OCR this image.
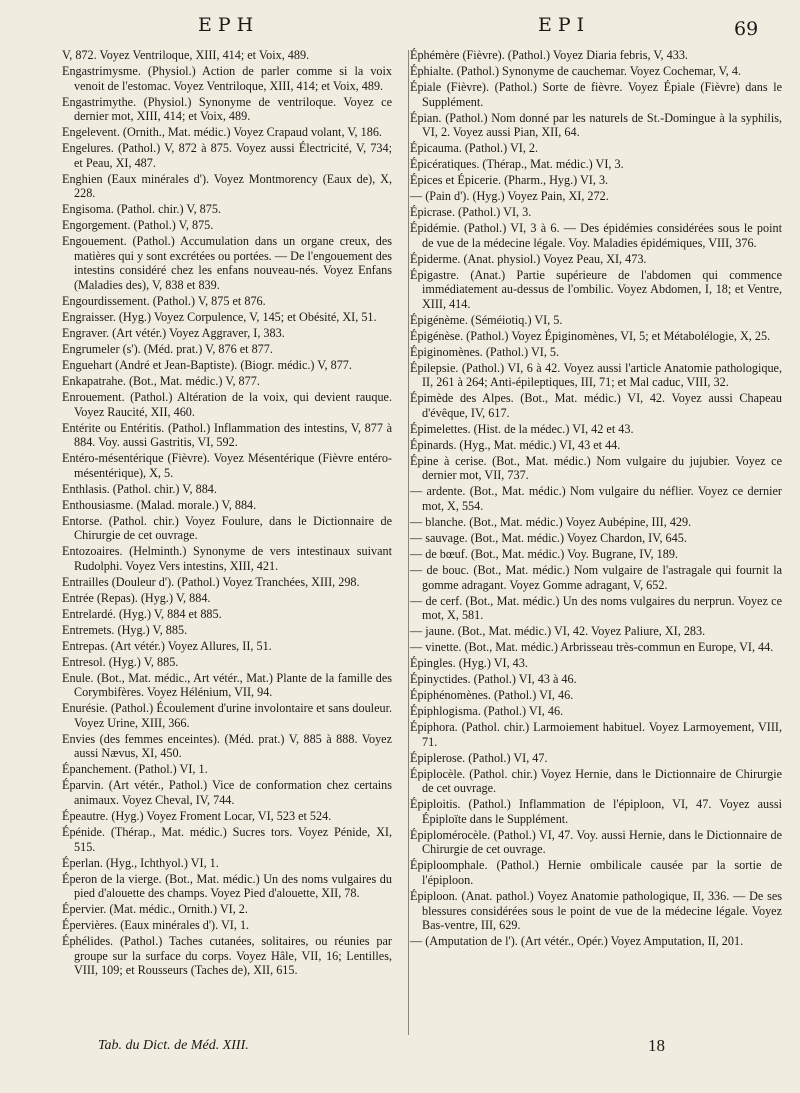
EPH	EPI	69

V, 872. Voyez Ventriloque, XIII, 414; et Voix, 489.

Engastrimysme. (Physiol.) Action de parler comme si la voix venoit de l'estomac. Voyez Ventriloque, XIII, 414; et Voix, 489.

Engastrimythe. (Physiol.) Synonyme de ventriloque. Voyez ce dernier mot, XIII, 414; et Voix, 489.

Engelevent. (Ornith., Mat. médic.) Voyez Crapaud volant, V, 186.

Engelures. (Pathol.) V, 872 à 875. Voyez aussi Électricité, V, 734; et Peau, XI, 487.

Enghien (Eaux minérales d'). Voyez Montmorency (Eaux de), X, 228.

Engisoma. (Pathol. chir.) V, 875.

Engorgement. (Pathol.) V, 875.

Engouement. (Pathol.) Accumulation dans un organe creux, des matières qui y sont excrétées ou portées. — De l'engouement des intestins considéré chez les enfans nouveau-nés. Voyez Enfans (Maladies des), V, 838 et 839.

Engourdissement. (Pathol.) V, 875 et 876.

Engraisser. (Hyg.) Voyez Corpulence, V, 145; et Obésité, XI, 51.

Engraver. (Art vétér.) Voyez Aggraver, I, 383.

Engrumeler (s'). (Méd. prat.) V, 876 et 877.

Enguehart (André et Jean-Baptiste). (Biogr. médic.) V, 877.

Enkapatrahe. (Bot., Mat. médic.) V, 877.

Enrouement. (Pathol.) Altération de la voix, qui devient rauque. Voyez Raucité, XII, 460.

Entérite ou Entéritis. (Pathol.) Inflammation des intestins, V, 877 à 884. Voy. aussi Gastritis, VI, 592.

Entéro-mésentérique (Fièvre). Voyez Mésentérique (Fièvre entéro-mésentérique), X, 5.

Enthlasis. (Pathol. chir.) V, 884.

Enthousiasme. (Malad. morale.) V, 884.

Entorse. (Pathol. chir.) Voyez Foulure, dans le Dictionnaire de Chirurgie de cet ouvrage.

Entozoaires. (Helminth.) Synonyme de vers intestinaux suivant Rudolphi. Voyez Vers intestins, XIII, 421.

Entrailles (Douleur d'). (Pathol.) Voyez Tranchées, XIII, 298.

Entrée (Repas). (Hyg.) V, 884.

Entrelardé. (Hyg.) V, 884 et 885.

Entremets. (Hyg.) V, 885.

Entrepas. (Art vétér.) Voyez Allures, II, 51.

Entresol. (Hyg.) V, 885.

Enule. (Bot., Mat. médic., Art vétér., Mat.) Plante de la famille des Corymbifères. Voyez Hélénium, VII, 94.

Enurésie. (Pathol.) Écoulement d'urine involontaire et sans douleur. Voyez Urine, XIII, 366.

Envies (des femmes enceintes). (Méd. prat.) V, 885 à 888. Voyez aussi Nævus, XI, 450.

Épanchement. (Pathol.) VI, 1.

Éparvin. (Art vétér., Pathol.) Vice de conformation chez certains animaux. Voyez Cheval, IV, 744.

Épeautre. (Hyg.) Voyez Froment Locar, VI, 523 et 524.

Épénide. (Thérap., Mat. médic.) Sucres tors. Voyez Pénide, XI, 515.

Éperlan. (Hyg., Ichthyol.) VI, 1.

Éperon de la vierge. (Bot., Mat. médic.) Un des noms vulgaires du pied d'alouette des champs. Voyez Pied d'alouette, XII, 78.

Épervier. (Mat. médic., Ornith.) VI, 2.

Épervières. (Eaux minérales d'). VI, 1.

Éphélides. (Pathol.) Taches cutanées, solitaires, ou réunies par groupe sur la surface du corps. Voyez Hâle, VII, 16; Lentilles, VIII, 109; et Rousseurs (Taches de), XII, 615.

Éphémère (Fièvre). (Pathol.) Voyez Diaria febris, V, 433.

Éphialte. (Pathol.) Synonyme de cauchemar. Voyez Cochemar, V, 4.

Épiale (Fièvre). (Pathol.) Sorte de fièvre. Voyez Épiale (Fièvre) dans le Supplément.

Épian. (Pathol.) Nom donné par les naturels de St.-Domingue à la syphilis, VI, 2. Voyez aussi Pian, XII, 64.

Épicauma. (Pathol.) VI, 2.

Épicératiques. (Thérap., Mat. médic.) VI, 3.

Épices et Épicerie. (Pharm., Hyg.) VI, 3.

— (Pain d'). (Hyg.) Voyez Pain, XI, 272.

Épicrase. (Pathol.) VI, 3.

Épidémie. (Pathol.) VI, 3 à 6. — Des épidémies considérées sous le point de vue de la médecine légale. Voy. Maladies épidémiques, VIII, 376.

Épiderme. (Anat. physiol.) Voyez Peau, XI, 473.

Épigastre. (Anat.) Partie supérieure de l'abdomen qui commence immédiatement au-dessus de l'ombilic. Voyez Abdomen, I, 18; et Ventre, XIII, 414.

Épigénème. (Séméiotiq.) VI, 5.

Épigénèse. (Pathol.) Voyez Épiginomènes, VI, 5; et Métabolélogie, X, 25.

Épiginomènes. (Pathol.) VI, 5.

Épilepsie. (Pathol.) VI, 6 à 42. Voyez aussi l'article Anatomie pathologique, II, 261 à 264; Anti-épileptiques, III, 71; et Mal caduc, VIII, 32.

Épimède des Alpes. (Bot., Mat. médic.) VI, 42. Voyez aussi Chapeau d'évêque, IV, 617.

Épimelettes. (Hist. de la médec.) VI, 42 et 43.

Épinards. (Hyg., Mat. médic.) VI, 43 et 44.

Épine à cerise. (Bot., Mat. médic.) Nom vulgaire du jujubier. Voyez ce dernier mot, VII, 737.

— ardente. (Bot., Mat. médic.) Nom vulgaire du néflier. Voyez ce dernier mot, X, 554.

— blanche. (Bot., Mat. médic.) Voyez Aubépine, III, 429.

— sauvage. (Bot., Mat. médic.) Voyez Chardon, IV, 645.

— de bœuf. (Bot., Mat. médic.) Voy. Bugrane, IV, 189.

— de bouc. (Bot., Mat. médic.) Nom vulgaire de l'astragale qui fournit la gomme adragant. Voyez Gomme adragant, V, 652.

— de cerf. (Bot., Mat. médic.) Un des noms vulgaires du nerprun. Voyez ce mot, X, 581.

— jaune. (Bot., Mat. médic.) VI, 42. Voyez Paliure, XI, 283.

— vinette. (Bot., Mat. médic.) Arbrisseau très-commun en Europe, VI, 44.

Épingles. (Hyg.) VI, 43.

Épinyctides. (Pathol.) VI, 43 à 46.

Épiphénomènes. (Pathol.) VI, 46.

Épiphlogisma. (Pathol.) VI, 46.

Épiphora. (Pathol. chir.) Larmoiement habituel. Voyez Larmoyement, VIII, 71.

Épiplerose. (Pathol.) VI, 47.

Épiplocèle. (Pathol. chir.) Voyez Hernie, dans le Dictionnaire de Chirurgie de cet ouvrage.

Épiploitis. (Pathol.) Inflammation de l'épiploon, VI, 47. Voyez aussi Épiploïte dans le Supplément.

Épiplomérocèle. (Pathol.) VI, 47. Voy. aussi Hernie, dans le Dictionnaire de Chirurgie de cet ouvrage.

Épiploomphale. (Pathol.) Hernie ombilicale causée par la sortie de l'épiploon.

Épiploon. (Anat. pathol.) Voyez Anatomie pathologique, II, 336. — De ses blessures considérées sous le point de vue de la médecine légale. Voyez Bas-ventre, III, 629.

— (Amputation de l'). (Art vétér., Opér.) Voyez Amputation, II, 201.

Tab. du Dict. de Méd. XIII.	18
